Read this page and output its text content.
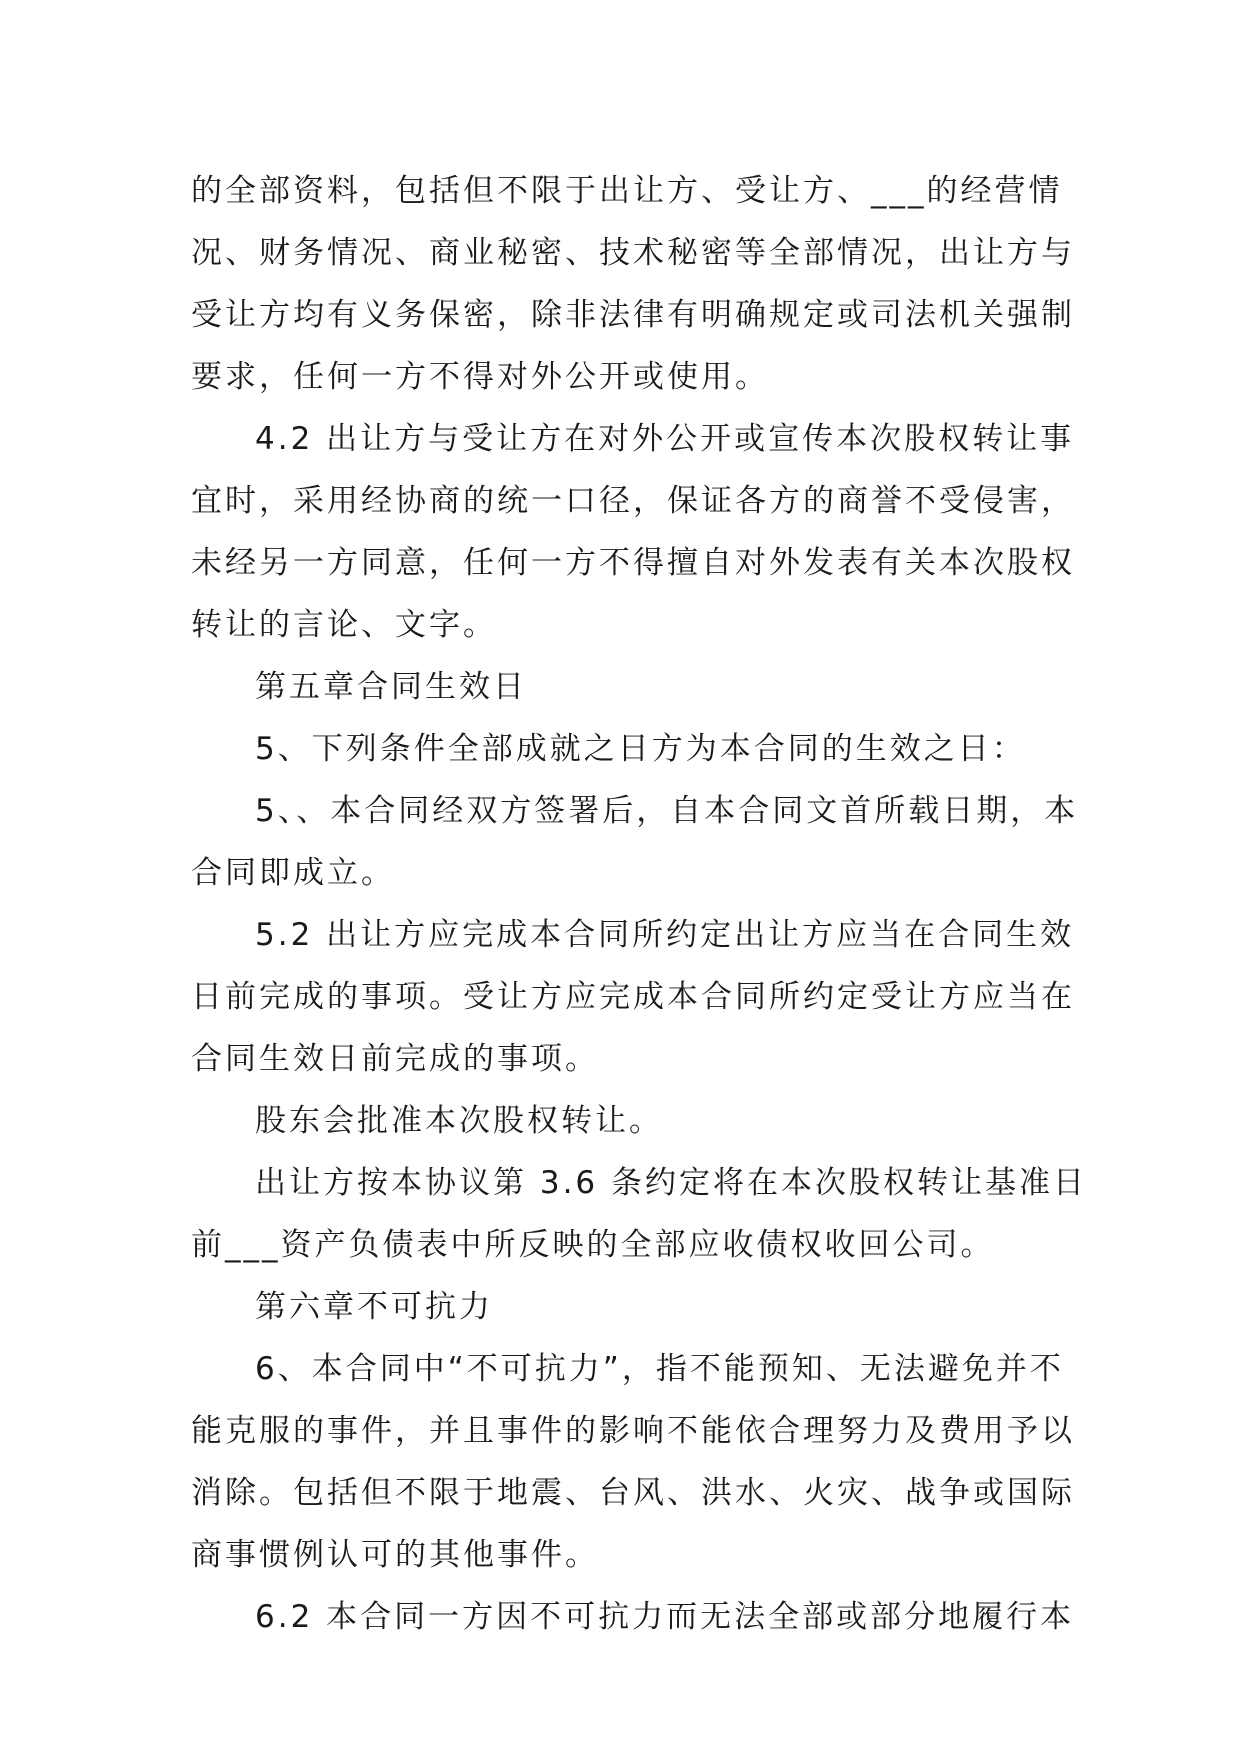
的全部资料，包括但不限于出让方、受让方、___的经营情
况、财务情况、商业秘密、技术秘密等全部情况，出让方与
受让方均有义务保密，除非法律有明确规定或司法机关强制
要求，任何一方不得对外公开或使用。
4.2 出让方与受让方在对外公开或宣传本次股权转让事
宜时，采用经协商的统一口径，保证各方的商誉不受侵害，
未经另一方同意，任何一方不得擅自对外发表有关本次股权
转让的言论、文字。
第五章合同生效日
5、下列条件全部成就之日方为本合同的生效之日：
5、、本合同经双方签署后，自本合同文首所载日期，本
合同即成立。
5.2 出让方应完成本合同所约定出让方应当在合同生效
日前完成的事项。受让方应完成本合同所约定受让方应当在
合同生效日前完成的事项。
股东会批准本次股权转让。
出让方按本协议第 3.6 条约定将在本次股权转让基准日
前___资产负债表中所反映的全部应收债权收回公司。
第六章不可抗力
6、本合同中“不可抗力”，指不能预知、无法避免并不
能克服的事件，并且事件的影响不能依合理努力及费用予以
消除。包括但不限于地震、台风、洪水、火灾、战争或国际
商事惯例认可的其他事件。
6.2 本合同一方因不可抗力而无法全部或部分地履行本
